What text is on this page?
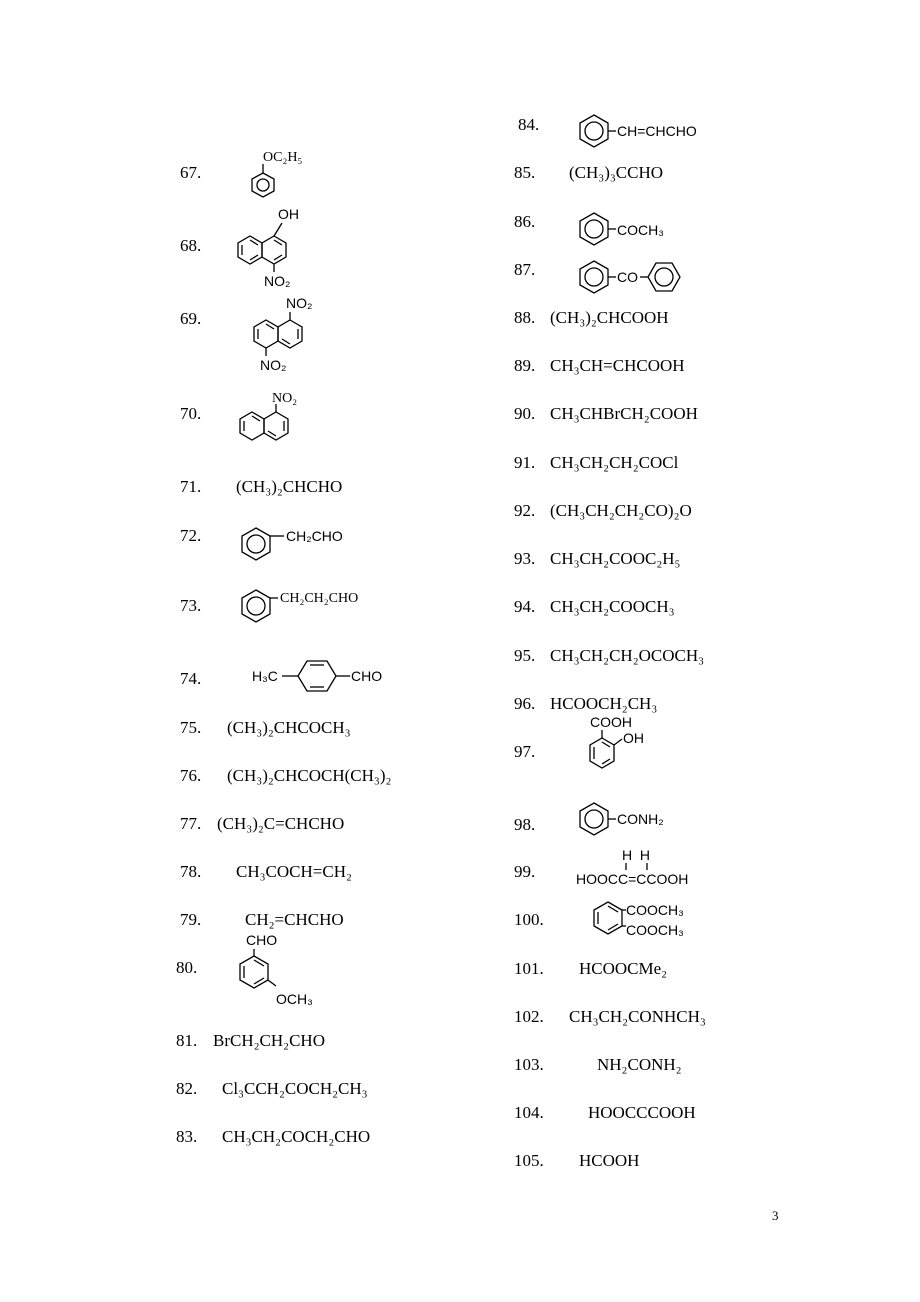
67.
OC₂H₅
68.
OH
NO₂
69.
NO₂
NO₂
70.
NO₂
71. (CH₃)₂CHCHO
72.	CH₂CHO
73.	CH₂CH₂CHO
74.	H₃C	CHO
75. (CH₃)₂CHCOCH₃
76. (CH₃)₂CHCOCH(CH₃)₂
77. (CH₃)₂C=CHCHO
78. CH₃COCH=CH₂
79.	CH₂=CHCHO
80.
CHO
OCH₃
81. BrCH₂CH₂CHO
82. Cl₃CCH₂COCH₂CH₃
83. CH₃CH₂COCH₂CHO
84.	CH=CHCHO
85. (CH₃)₃CCHO
86.	COCH₃
87.	CO
88. (CH₃)₂CHCOOH
89. CH₃CH=CHCOOH
90. CH₃CHBrCH₂COOH
91. CH₃CH₂CH₂COCl
92. (CH₃CH₂CH₂CO)₂O
93. CH₃CH₂COOC₂H₅
94. CH₃CH₂COOCH₃
95. CH₃CH₂CH₂OCOCH₃
96. HCOOCH₂CH₃
97.
COOH
OH
98.	CONH₂
99.
H  H
HOOCC=CCOOH
100.	COOCH₃
COOCH₃
101. HCOOCMe₂
102. CH₃CH₂CONHCH₃
103.	NH₂CONH₂
104.	HOOCCCOOH
105. HCOOH
3
